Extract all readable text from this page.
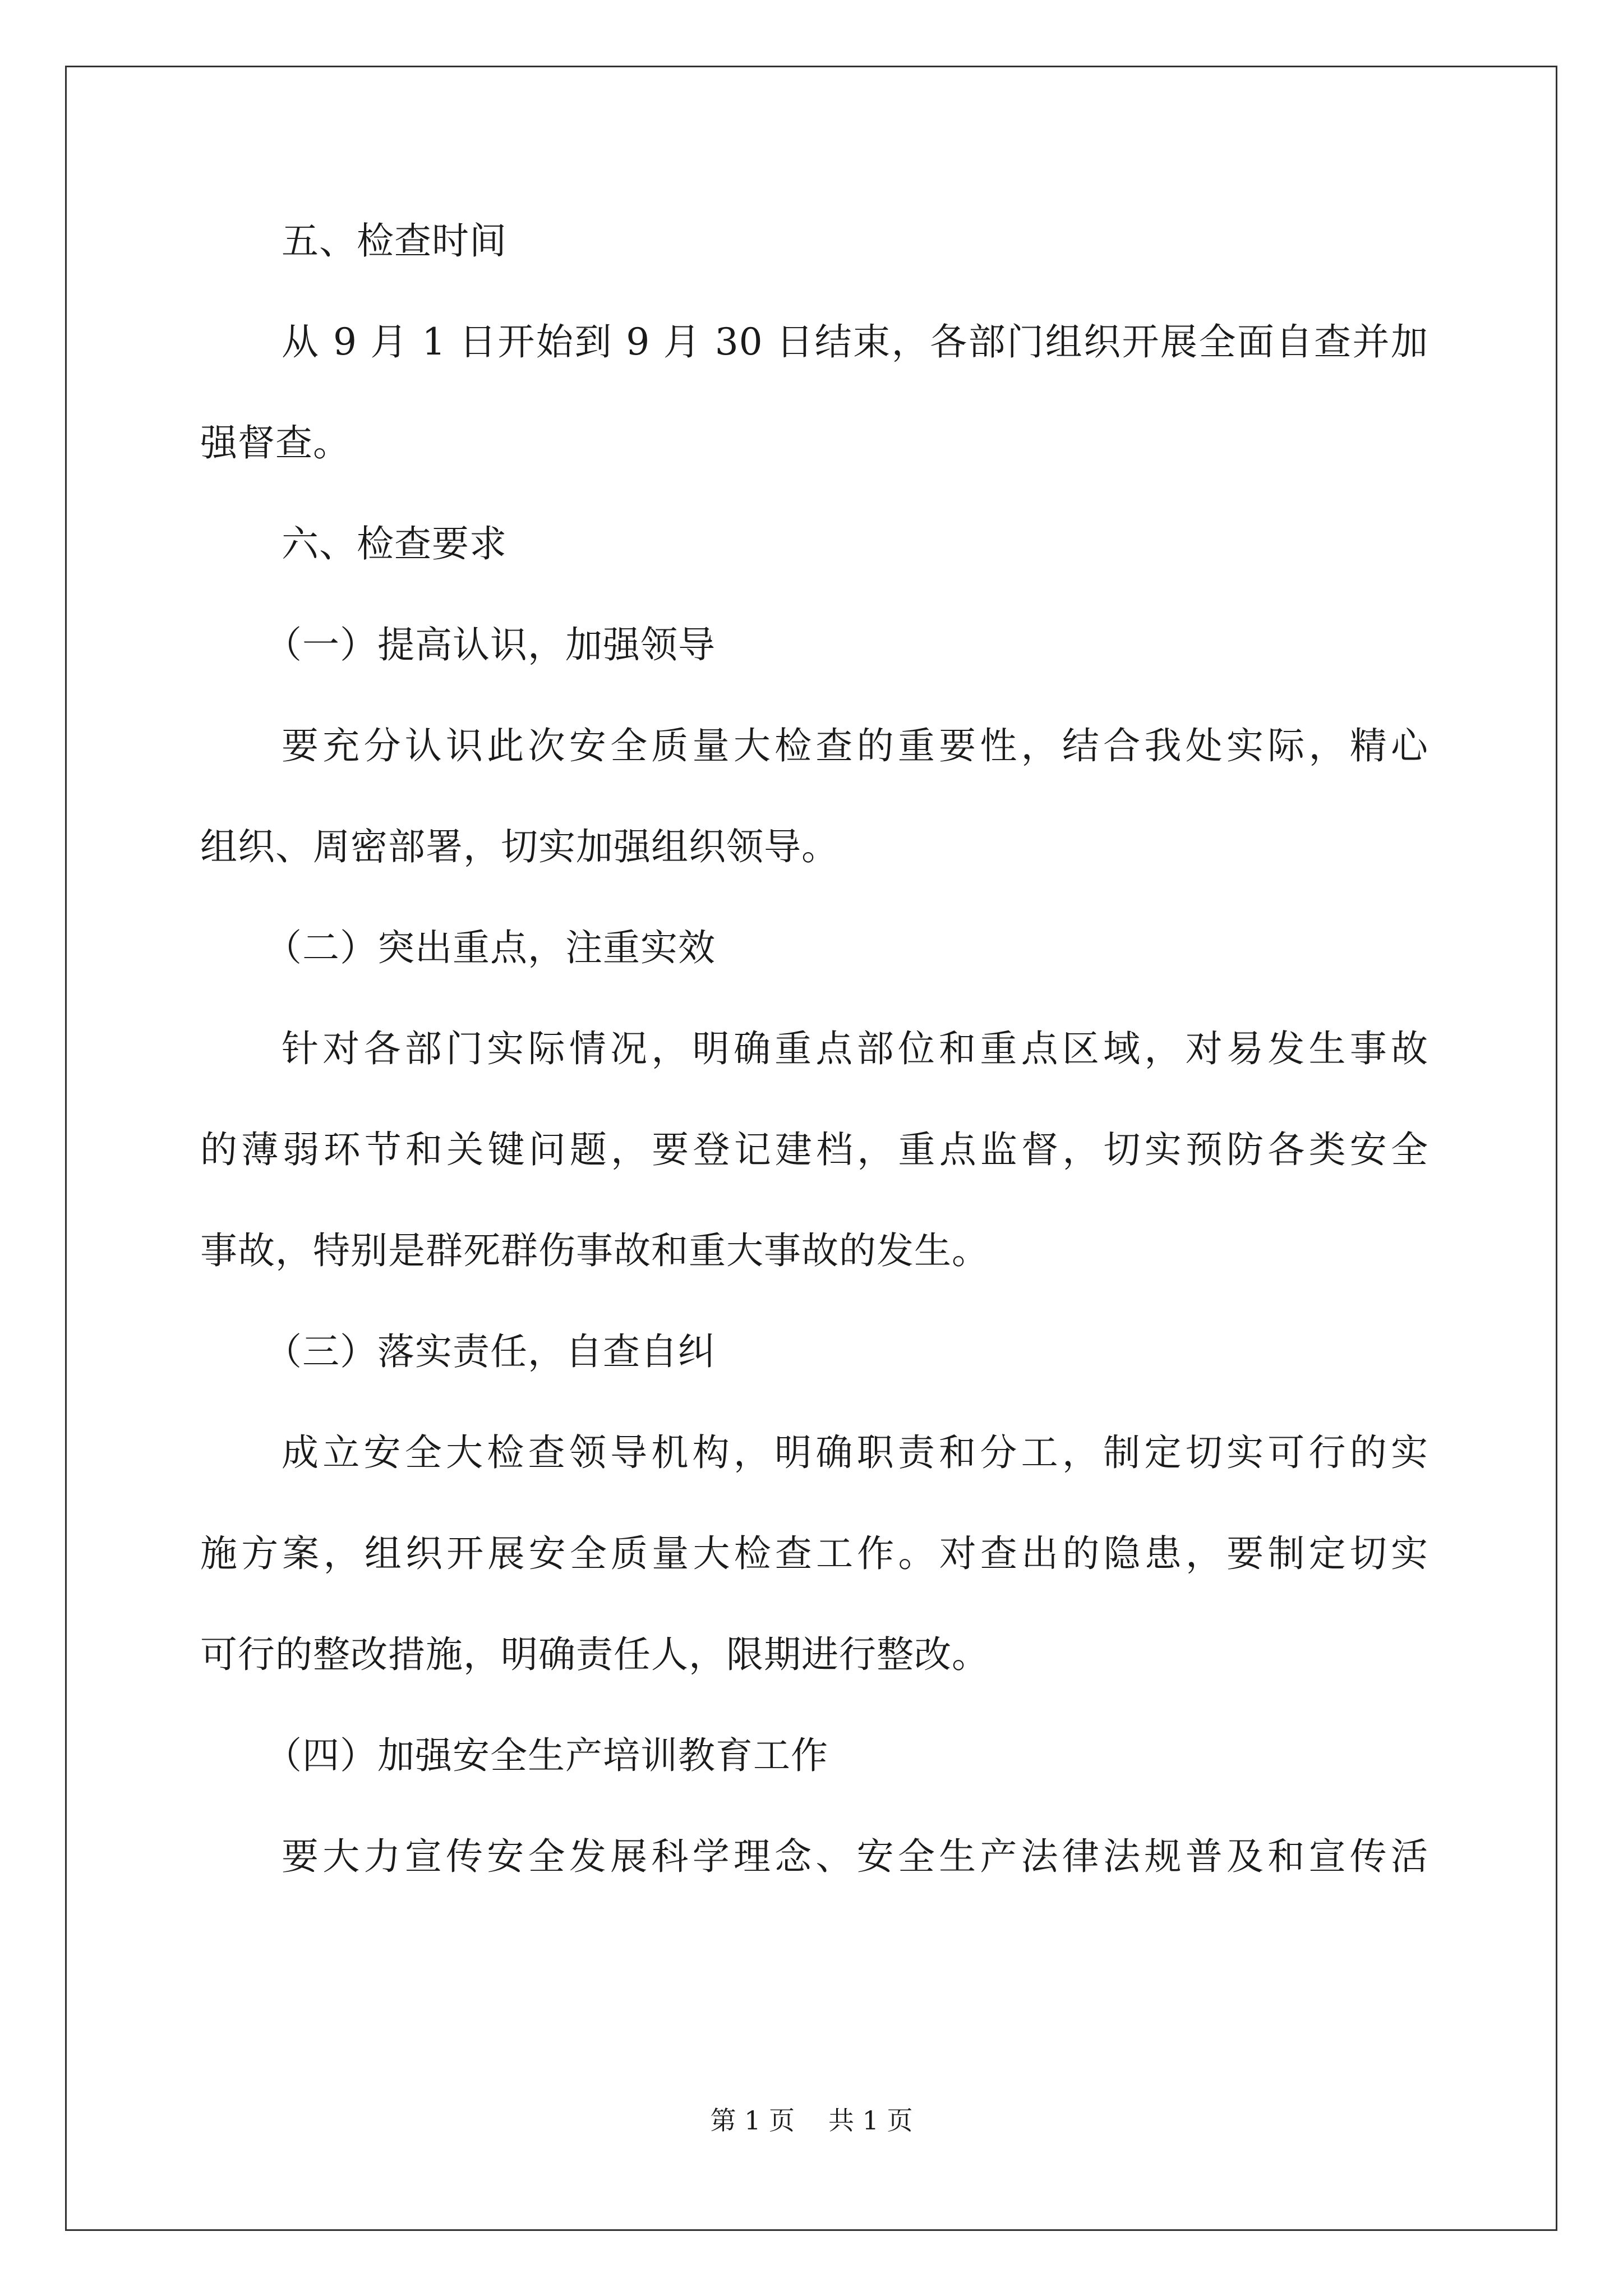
五、检查时间
从 9 月 1 日开始到 9 月 30 日结束，各部门组织开展全面自查并加
强督查。
六、检查要求
（一）提高认识，加强领导
要充分认识此次安全质量大检查的重要性，结合我处实际，精心
组织、周密部署，切实加强组织领导。
（二）突出重点，注重实效
针对各部门实际情况，明确重点部位和重点区域，对易发生事故
的薄弱环节和关键问题，要登记建档，重点监督，切实预防各类安全
事故，特别是群死群伤事故和重大事故的发生。
（三）落实责任，自查自纠
成立安全大检查领导机构，明确职责和分工，制定切实可行的实
施方案，组织开展安全质量大检查工作。对查出的隐患，要制定切实
可行的整改措施，明确责任人，限期进行整改。
（四）加强安全生产培训教育工作
要大力宣传安全发展科学理念、安全生产法律法规普及和宣传活
第 1 页 共 1 页
